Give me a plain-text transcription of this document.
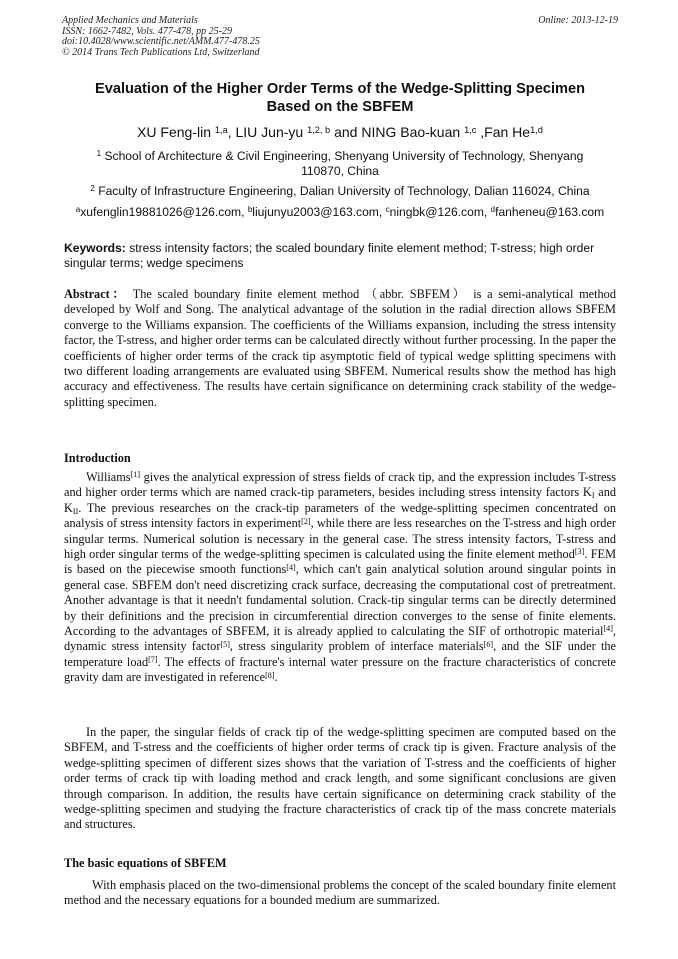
Applied Mechanics and Materials
ISSN: 1662-7482, Vols. 477-478, pp 25-29
doi:10.4028/www.scientific.net/AMM.477-478.25
© 2014 Trans Tech Publications Ltd, Switzerland
Online: 2013-12-19
Evaluation of the Higher Order Terms of the Wedge-Splitting Specimen
Based on the SBFEM
XU Feng-lin $^{1,a}$, LIU Jun-yu $^{1,2, b}$ and NING Bao-kuan $^{1,c}$ ,Fan He$^{1,d}$
$^1$ School of Architecture & Civil Engineering, Shenyang University of Technology, Shenyang 110870, China
$^2$ Faculty of Infrastructure Engineering, Dalian University of Technology, Dalian 116024, China
$^a$xufenglin19881026@126.com, $^b$liujunyu2003@163.com, $^c$ningbk@126.com, $^d$fanheneu@163.com
Keywords: stress intensity factors; the scaled boundary finite element method; T-stress; high order singular terms; wedge specimens

Abstract： The scaled boundary finite element method （abbr. SBFEM） is a semi-analytical method developed by Wolf and Song. The analytical advantage of the solution in the radial direction allows SBFEM converge to the Williams expansion. The coefficients of the Williams expansion, including the stress intensity factor, the T-stress, and higher order terms can be calculated directly without further processing. In the paper the coefficients of higher order terms of the crack tip asymptotic field of typical wedge splitting specimens with two different loading arrangements are evaluated using SBFEM. Numerical results show the method has high accuracy and effectiveness. The results have certain significance on determining crack stability of the wedge-splitting specimen.

Introduction

Williams[1] gives the analytical expression of stress fields of crack tip, and the expression includes T-stress and higher order terms which are named crack-tip parameters, besides including stress intensity factors $K_I$ and $K_{II}$. The previous researches on the crack-tip parameters of the wedge-splitting specimen concentrated on analysis of stress intensity factors in experiment[2], while there are less researches on the T-stress and high order singular terms. Numerical solution is necessary in the general case. The stress intensity factors, T-stress and high order singular terms of the wedge-splitting specimen is calculated using the finite element method[3]. FEM is based on the piecewise smooth functions[4], which can't gain analytical solution around singular points in general case. SBFEM don't need discretizing crack surface, decreasing the computational cost of pretreatment. Another advantage is that it needn't fundamental solution. Crack-tip singular terms can be directly determined by their definitions and the precision in circumferential direction converges to the sense of finite elements. According to the advantages of SBFEM, it is already applied to calculating the SIF of orthotropic material[4], dynamic stress intensity factor[5], stress singularity problem of interface materials[6], and the SIF under the temperature load[7]. The effects of fracture's internal water pressure on the fracture characteristics of concrete gravity dam are investigated in reference[8].

In the paper, the singular fields of crack tip of the wedge-splitting specimen are computed based on the SBFEM, and T-stress and the coefficients of higher order terms of crack tip is given. Fracture analysis of the wedge-splitting specimen of different sizes shows that the variation of T-stress and the coefficients of higher order terms of crack tip with loading method and crack length, and some significant conclusions are given through comparison. In addition, the results have certain significance on determining crack stability of the wedge-splitting specimen and studying the fracture characteristics of crack tip of the mass concrete materials and structures.

The basic equations of SBFEM

With emphasis placed on the two-dimensional problems the concept of the scaled boundary finite element method and the necessary equations for a bounded medium are summarized.
